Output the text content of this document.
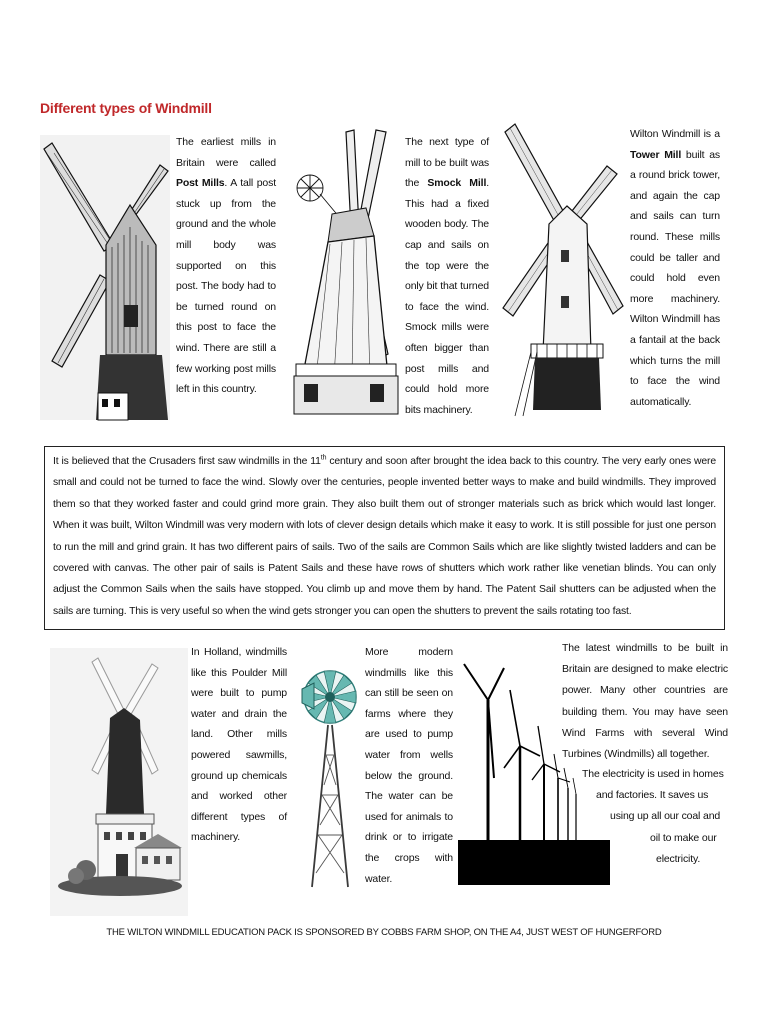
Different types of Windmill
The earliest mills in Britain were called Post Mills. A tall post stuck up from the ground and the whole mill body was supported on this post. The body had to be turned round on this post to face the wind. There are still a few working post mills left in this country.
The next type of mill to be built was the Smock Mill. This had a fixed wooden body. The cap and sails on the top were the only bit that turned to face the wind. Smock mills were often bigger than post mills and could hold more bits machinery.
Wilton Windmill is a Tower Mill built as a round brick tower, and again the cap and sails can turn round. These mills could be taller and could hold even more machinery. Wilton Windmill has a fantail at the back which turns the mill to face the wind automatically.
It is believed that the Crusaders first saw windmills in the 11th century and soon after brought the idea back to this country. The very early ones were small and could not be turned to face the wind. Slowly over the centuries, people invented better ways to make and build windmills. They improved them so that they worked faster and could grind more grain. They also built them out of stronger materials such as brick which would last longer. When it was built, Wilton Windmill was very modern with lots of clever design details which make it easy to work. It is still possible for just one person to run the mill and grind grain. It has two different pairs of sails. Two of the sails are Common Sails which are like slightly twisted ladders and can be covered with canvas. The other pair of sails is Patent Sails and these have rows of shutters which work rather like venetian blinds. You can only adjust the Common Sails when the sails have stopped. You climb up and move them by hand. The Patent Sail shutters can be adjusted when the sails are turning. This is very useful so when the wind gets stronger you can open the shutters to prevent the sails rotating too fast.
In Holland, windmills like this Poulder Mill were built to pump water and drain the land. Other mills powered sawmills, ground up chemicals and worked other different types of machinery.
More modern windmills like this can still be seen on farms where they are used to pump water from wells below the ground. The water can be used for animals to drink or to irrigate the crops with water.
The latest windmills to be built in Britain are designed to make electric power. Many other countries are building them. You may have seen Wind Farms with several Wind Turbines (Windmills) all together.
The electricity is used in homes
and factories. It saves us
using up all our coal and
oil to make our
electricity.
THE WILTON WINDMILL EDUCATION PACK IS SPONSORED BY COBBS FARM SHOP, ON THE A4, JUST WEST OF HUNGERFORD
